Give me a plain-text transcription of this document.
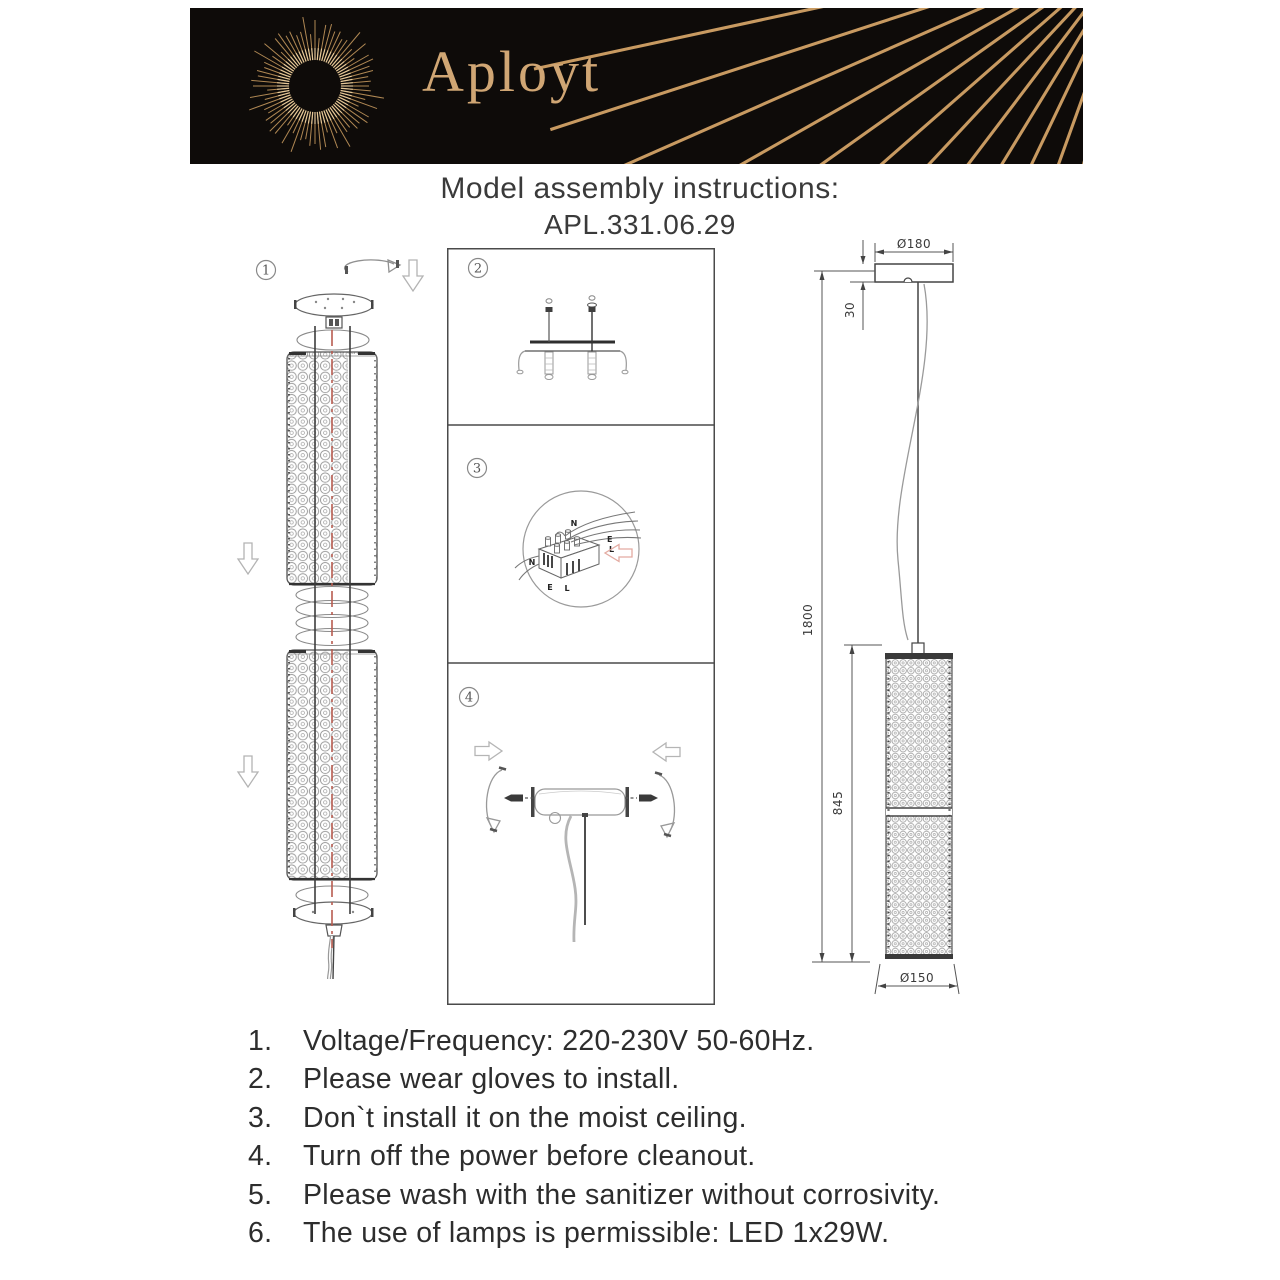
Aployt
Model assembly instructions:
APL.331.06.29
1	2
3
N
E
L
N
E L
4
Ø180
30
1800
845
Ø150
1. Voltage/Frequency: 220-230V 50-60Hz.
2. Please wear gloves to install.
3. Don`t install it on the moist ceiling.
4. Turn off the power before cleanout.
5. Please wash with the sanitizer without corrosivity.
6. The use of lamps is permissible: LED 1x29W.
